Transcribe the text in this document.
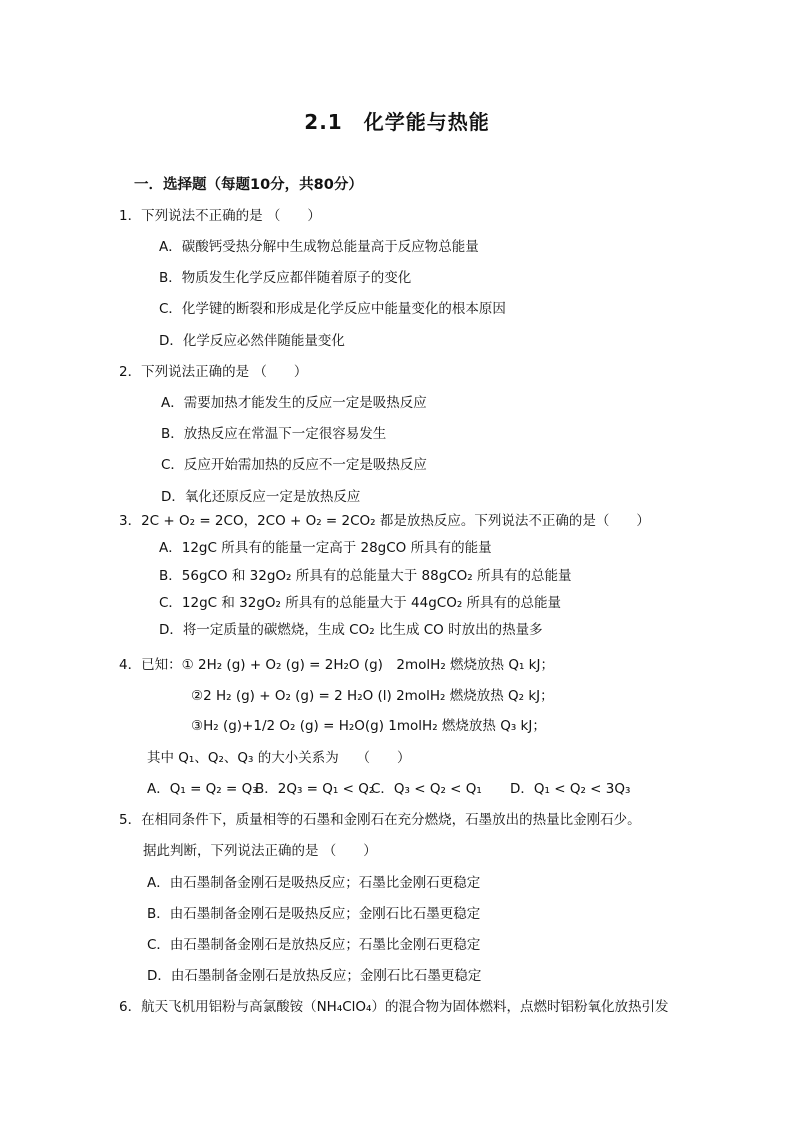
2.1　化学能与热能
一．选择题（每题10分，共80分）
1．下列说法不正确的是 （　　）
A．碳酸钙受热分解中生成物总能量高于反应物总能量
B．物质发生化学反应都伴随着原子的变化
C．化学键的断裂和形成是化学反应中能量变化的根本原因
D．化学反应必然伴随能量变化
2．下列说法正确的是 （　　）
A．需要加热才能发生的反应一定是吸热反应
B．放热反应在常温下一定很容易发生
C．反应开始需加热的反应不一定是吸热反应
D．氧化还原反应一定是放热反应
3．2C + O₂ = 2CO，2CO + O₂ = 2CO₂ 都是放热反应。下列说法不正确的是（　　）
A．12gC 所具有的能量一定高于 28gCO 所具有的能量
B．56gCO 和 32gO₂ 所具有的总能量大于 88gCO₂ 所具有的总能量
C．12gC 和 32gO₂ 所具有的总能量大于 44gCO₂ 所具有的总能量
D．将一定质量的碳燃烧，生成 CO₂ 比生成 CO 时放出的热量多
4．已知：① 2H₂ (g) + O₂ (g) = 2H₂O (g)　2molH₂ 燃烧放热 Q₁ kJ；
②2 H₂ (g) + O₂ (g) = 2 H₂O (l) 2molH₂ 燃烧放热 Q₂ kJ；
③H₂ (g)+1/2 O₂ (g) = H₂O(g) 1molH₂ 燃烧放热 Q₃ kJ；
其中 Q₁、Q₂、Q₃ 的大小关系为　 （　　）
A．Q₁ = Q₂ = Q₃
B．2Q₃ = Q₁ < Q₂
C．Q₃ < Q₂ < Q₁ D．Q₁ < Q₂ < 3Q₃
5．在相同条件下，质量相等的石墨和金刚石在充分燃烧，石墨放出的热量比金刚石少。
据此判断，下列说法正确的是 （　　）
A．由石墨制备金刚石是吸热反应；石墨比金刚石更稳定
B．由石墨制备金刚石是吸热反应；金刚石比石墨更稳定
C．由石墨制备金刚石是放热反应；石墨比金刚石更稳定
D．由石墨制备金刚石是放热反应；金刚石比石墨更稳定
6．航天飞机用铝粉与高氯酸铵（NH₄ClO₄）的混合物为固体燃料，点燃时铝粉氧化放热引发
